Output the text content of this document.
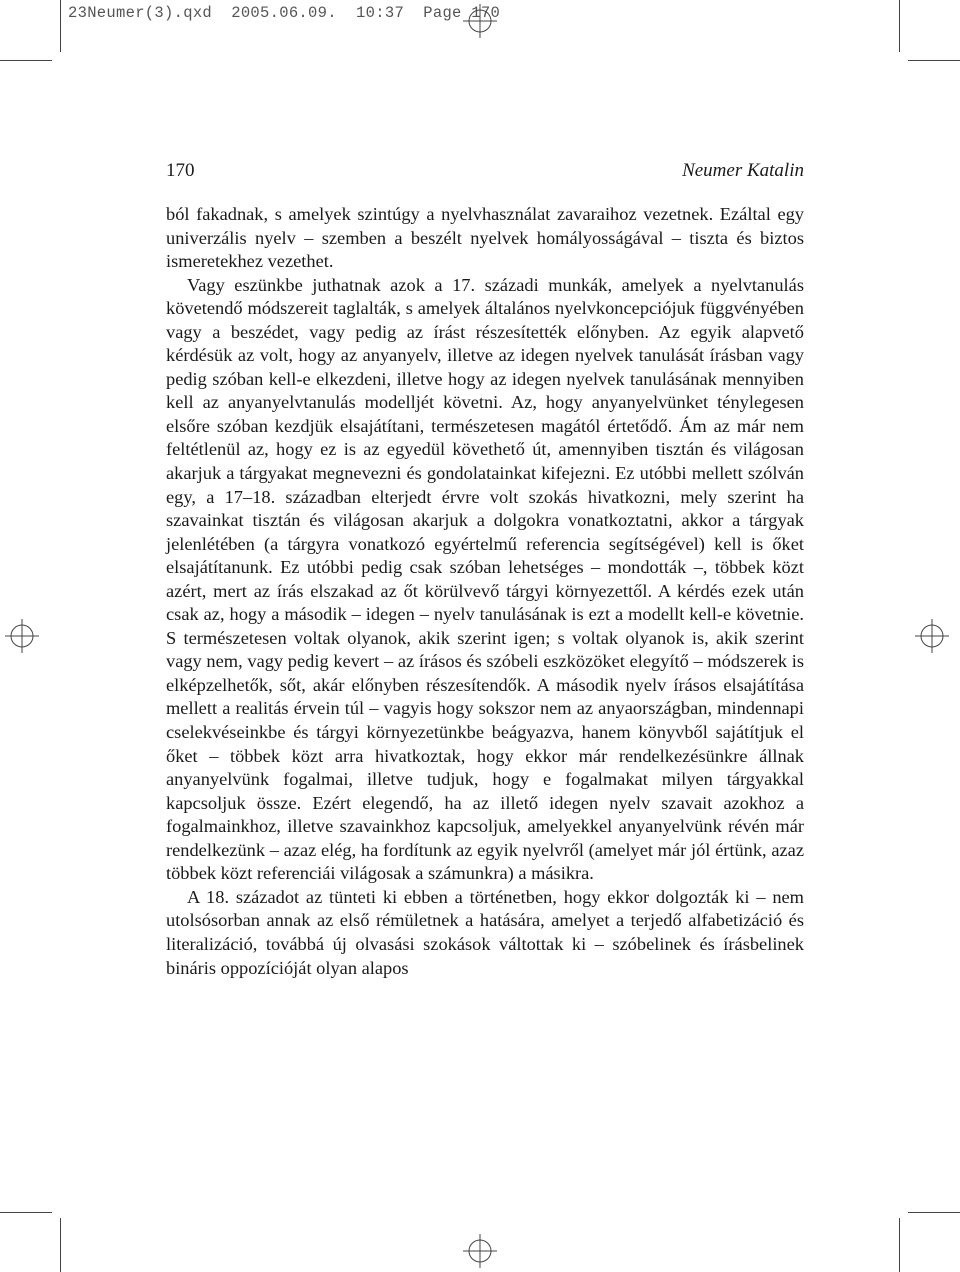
23Neumer(3).qxd  2005.06.09.  10:37  Page 170
170	Neumer Katalin

ból fakadnak, s amelyek szintúgy a nyelvhasználat zavaraihoz vezetnek. Ezáltal egy univerzális nyelv – szemben a beszélt nyelvek homályosságával – tiszta és biztos ismeretekhez vezethet.

Vagy eszünkbe juthatnak azok a 17. századi munkák, amelyek a nyelvtanulás követendő módszereit taglalták, s amelyek általános nyelvkoncepciójuk függvényében vagy a beszédet, vagy pedig az írást részesítették előnyben. Az egyik alapvető kérdésük az volt, hogy az anyanyelv, illetve az idegen nyelvek tanulását írásban vagy pedig szóban kell-e elkezdeni, illetve hogy az idegen nyelvek tanulásának mennyiben kell az anyanyelvtanulás modelljét követni. Az, hogy anyanyelvünket ténylegesen elsőre szóban kezdjük elsajátítani, természetesen magától értetődő. Ám az már nem feltétlenül az, hogy ez is az egyedül követhető út, amennyiben tisztán és világosan akarjuk a tárgyakat megnevezni és gondolatainkat kifejezni. Ez utóbbi mellett szólván egy, a 17–18. században elterjedt érvre volt szokás hivatkozni, mely szerint ha szavainkat tisztán és világosan akarjuk a dolgokra vonatkoztatni, akkor a tárgyak jelenlétében (a tárgyra vonatkozó egyértelmű referencia segítségével) kell is őket elsajátítanunk. Ez utóbbi pedig csak szóban lehetséges – mondották –, többek közt azért, mert az írás elszakad az őt körülvevő tárgyi környezettől. A kérdés ezek után csak az, hogy a második – idegen – nyelv tanulásának is ezt a modellt kell-e követnie. S természetesen voltak olyanok, akik szerint igen; s voltak olyanok is, akik szerint vagy nem, vagy pedig kevert – az írásos és szóbeli eszközöket elegyítő – módszerek is elképzelhetők, sőt, akár előnyben részesítendők. A második nyelv írásos elsajátítása mellett a realitás érvein túl – vagyis hogy sokszor nem az anyaországban, mindennapi cselekvéseinkbe és tárgyi környezetünkbe beágyazva, hanem könyvből sajátítjuk el őket – többek közt arra hivatkoztak, hogy ekkor már rendelkezésünkre állnak anyanyelvünk fogalmai, illetve tudjuk, hogy e fogalmakat milyen tárgyakkal kapcsoljuk össze. Ezért elegendő, ha az illető idegen nyelv szavait azokhoz a fogalmainkhoz, illetve szavainkhoz kapcsoljuk, amelyekkel anyanyelvünk révén már rendelkezünk – azaz elég, ha fordítunk az egyik nyelvről (amelyet már jól értünk, azaz többek közt referenciái világosak a számunkra) a másikra.

A 18. századot az tünteti ki ebben a történetben, hogy ekkor dolgozták ki – nem utolsósorban annak az első rémületnek a hatására, amelyet a terjedő alfabetizáció és literalizáció, továbbá új olvasási szokások váltottak ki – szóbelinek és írásbelinek bináris oppozícióját olyan alapos
